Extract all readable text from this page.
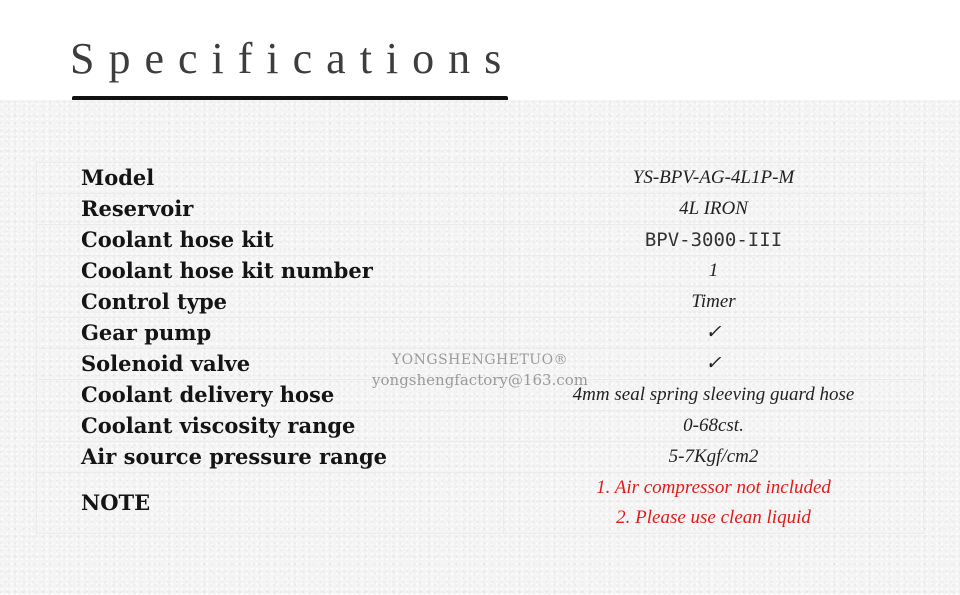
Specifications
Model	YS-BPV-AG-4L1P-M
Reservoir	4L IRON
Coolant hose kit	BPV-3000-III
Coolant hose kit number	1
Control type	Timer
Gear pump	✓
Solenoid valve	✓
Coolant delivery hose	4mm seal spring sleeving guard hose
Coolant viscosity range	0-68cst.
Air source pressure range	5-7Kgf/cm2
NOTE	1. Air compressor not included
2. Please use clean liquid
YONGSHENGHETUO®
yongshengfactory@163.com
